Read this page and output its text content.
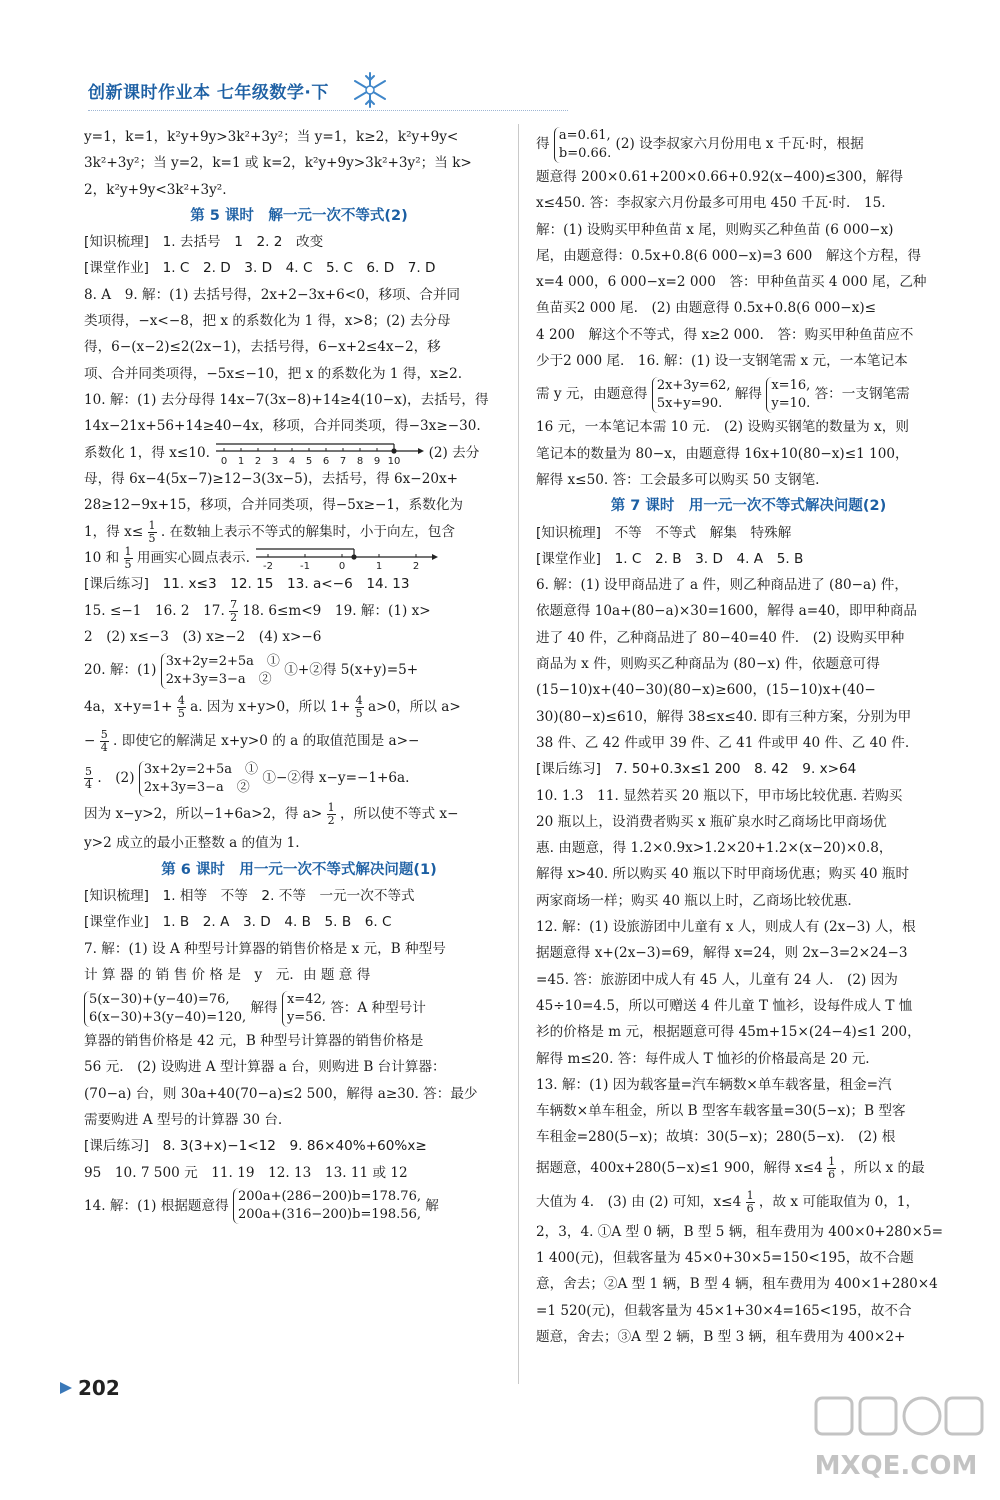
创新课时作业本 七年级数学·下

y=1，k=1，k²y+9y>3k²+3y²；当 y=1，k≥2，k²y+9y<

3k²+3y²；当 y=2，k=1 或 k=2，k²y+9y>3k²+3y²；当 k>

2，k²y+9y<3k²+3y².

第 5 课时　解一元一次不等式(2)

[知识梳理]　1. 去括号　1　2. 2　改变

[课堂作业]　1. C　2. D　3. D　4. C　5. C　6. D　7. D

8. A　9. 解：(1) 去括号得，2x+2−3x+6<0，移项、合并同

类项得，−x<−8，把 x 的系数化为 1 得，x>8；(2) 去分母

得，6−(x−2)≤2(2x−1)，去括号得，6−x+2≤4x−2，移

项、合并同类项得，−5x≤−10，把 x 的系数化为 1 得，x≥2.

10. 解：(1) 去分母得 14x−7(3x−8)+14≥4(10−x)，去括号，得

14x−21x+56+14≥40−4x，移项，合并同类项，得−3x≥−30.

系数化 1，得 x≤10.
0 1 2 3 4 5 6 7 8 9 10
(2) 去分

母，得 6x−4(5x−7)≥12−3(3x−5)，去括号，得 6x−20x+

28≥12−9x+15，移项，合并同类项，得−5x≥−1，系数化为

1，得 $x\le \frac{1}{5}$ . 在数轴上表示不等式的解集时，小于向左，包含

10 和 $\frac{1}{5}$ 用画实心圆点表示.
-2	-1	0	1	2

[课后练习]　11. x≤3　12. 15　13. a<−6　14. 13

15. ≤−1　16. 2　17. $\frac{7}{2} 18$. 6≤m<9　19. 解：(1) x>

2　(2) x≤−3　(3) x≥−2　(4) x>−6

20. 解：(1)
3x+2y=2+5a　①
2x+3y=3−a　②
①+②得 5(x+y)=5+

4a，$x+y=1+ \frac{4}{5} a$. 因为 x+y>0，所以 $1+ \frac{4}{5} a>0$，所以 a>

− $\frac{5}{4}$ . 即使它的解满足 x+y>0 的 a 的取值范围是 a>−

$\frac{5}{4}$ .　(2)
3x+2y=2+5a　①
2x+3y=3−a　②
①−②得 x−y=−1+6a.

因为 x−y>2，所以−1+6a>2，得 $a> \frac{1}{2}$ ，所以使不等式 x−

y>2 成立的最小正整数 a 的值为 1.

第 6 课时　用一元一次不等式解决问题(1)

[知识梳理]　1. 相等　不等　2. 不等　一元一次不等式

[课堂作业]　1. B　2. A　3. D　4. B　5. B　6. C

7. 解：(1) 设 A 种型号计算器的销售价格是 x 元，B 种型号

计 算 器 的 销 售 价 格 是　y　元．由 题 意 得

5(x−30)+(y−40)=76,
6(x−30)+3(y−40)=120,
解得
x=42,
y=56.
答：A 种型号计

算器的销售价格是 42 元，B 种型号计算器的销售价格是

56 元.　(2) 设购进 A 型计算器 a 台，则购进 B 台计算器：

(70−a) 台，则 30a+40(70−a)≤2 500，解得 a≥30. 答：最少

需要购进 A 型号的计算器 30 台.

[课后练习]　8. 3(3+x)−1<12　9. 86×40%+60%x≥

95　10. 7 500 元　11. 19　12. 13　13. 11 或 12

14. 解：(1) 根据题意得
200a+(286−200)b=178.76,
200a+(316−200)b=198.56,
解

得
a=0.61,
b=0.66.
(2) 设李叔家六月份用电 x 千瓦·时，根据

题意得 200×0.61+200×0.66+0.92(x−400)≤300，解得

x≤450. 答：李叔家六月份最多可用电 450 千瓦·时.　15.

解：(1) 设购买甲种鱼苗 x 尾，则购买乙种鱼苗 (6 000−x)

尾，由题意得：0.5x+0.8(6 000−x)=3 600　解这个方程，得

x=4 000，6 000−x=2 000　答：甲种鱼苗买 4 000 尾，乙种

鱼苗买2 000 尾.　(2) 由题意得 0.5x+0.8(6 000−x)≤

4 200　解这个不等式，得 x≥2 000.　答：购买甲种鱼苗应不

少于2 000 尾.　16. 解：(1) 设一支钢笔需 x 元，一本笔记本

需 y 元，由题意得
2x+3y=62,
5x+y=90.
解得
x=16,
y=10.
答：一支钢笔需

16 元，一本笔记本需 10 元.　(2) 设购买钢笔的数量为 x，则

笔记本的数量为 80−x，由题意得 16x+10(80−x)≤1 100，

解得 x≤50. 答：工会最多可以购买 50 支钢笔.

第 7 课时　用一元一次不等式解决问题(2)

[知识梳理]　不等　不等式　解集　特殊解

[课堂作业]　1. C　2. B　3. D　4. A　5. B

6. 解：(1) 设甲商品进了 a 件，则乙种商品进了 (80−a) 件，

依题意得 10a+(80−a)×30=1600，解得 a=40，即甲种商品

进了 40 件，乙种商品进了 80−40=40 件.　(2) 设购买甲种

商品为 x 件，则购买乙种商品为 (80−x) 件，依题意可得

(15−10)x+(40−30)(80−x)≥600，(15−10)x+(40−

30)(80−x)≤610，解得 38≤x≤40. 即有三种方案，分别为甲

38 件、乙 42 件或甲 39 件、乙 41 件或甲 40 件、乙 40 件.

[课后练习]　7. 50+0.3x≤1 200　8. 42　9. x>64

10. 1.3　11. 显然若买 20 瓶以下，甲市场比较优惠. 若购买

20 瓶以上，设消费者购买 x 瓶矿泉水时乙商场比甲商场优

惠. 由题意，得 1.2×0.9x>1.2×20+1.2×(x−20)×0.8，

解得 x>40. 所以购买 40 瓶以下时甲商场优惠；购买 40 瓶时

两家商场一样；购买 40 瓶以上时，乙商场比较优惠.

12. 解：(1) 设旅游团中儿童有 x 人，则成人有 (2x−3) 人，根

据题意得 x+(2x−3)=69，解得 x=24，则 2x−3=2×24−3

=45. 答：旅游团中成人有 45 人，儿童有 24 人.　(2) 因为

45÷10=4.5，所以可赠送 4 件儿童 T 恤衫，设每件成人 T 恤

衫的价格是 m 元，根据题意可得 45m+15×(24−4)≤1 200，

解得 m≤20. 答：每件成人 T 恤衫的价格最高是 20 元.

13. 解：(1) 因为载客量=汽车辆数×单车载客量，租金=汽

车辆数×单车租金，所以 B 型客车载客量=30(5−x)；B 型客

车租金=280(5−x)；故填：30(5−x)；280(5−x).　(2) 根

据题意，400x+280(5−x)≤1 900，解得 $x\le 4 \frac{1}{6}$ ，所以 x 的最

大值为 4.　(3) 由 (2) 可知，$x\le 4 \frac{1}{6}$ ，故 x 可能取值为 0，1，

2，3，4. ①A 型 0 辆，B 型 5 辆，租车费用为 400×0+280×5=

1 400(元)，但载客量为 45×0+30×5=150<195，故不合题

意，舍去；②A 型 1 辆，B 型 4 辆，租车费用为 400×1+280×4

=1 520(元)，但载客量为 45×1+30×4=165<195，故不合

题意，舍去；③A 型 2 辆，B 型 3 辆，租车费用为 400×2+

202
MXQE.COM
